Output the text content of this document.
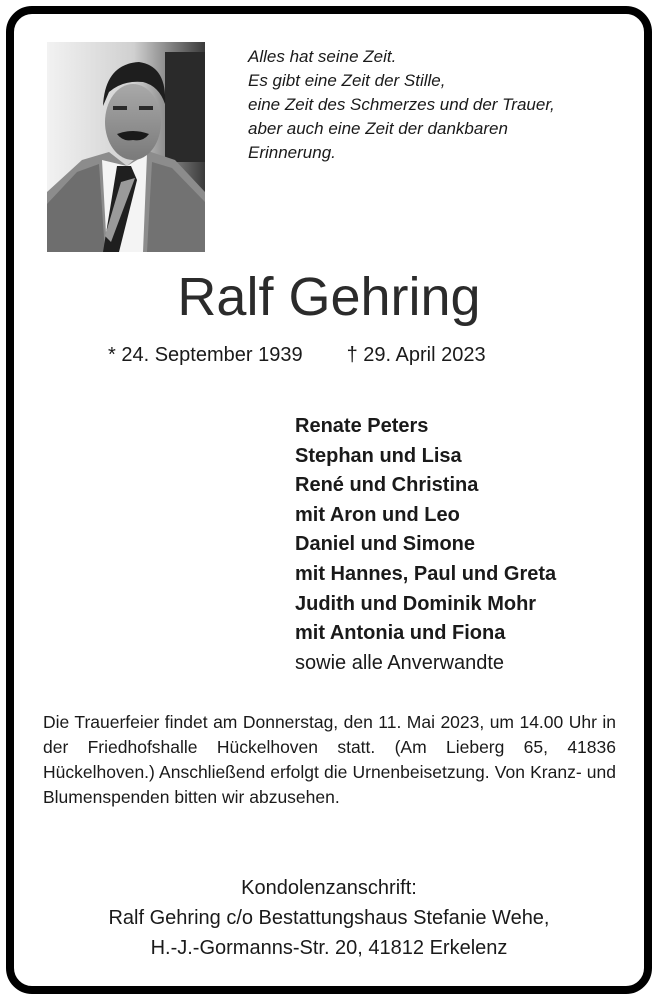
Alles hat seine Zeit.
Es gibt eine Zeit der Stille,
eine Zeit des Schmerzes und der Trauer,
aber auch eine Zeit der dankbaren
Erinnerung.
Ralf Gehring
* 24. September 1939 † 29. April 2023
Renate Peters
Stephan und Lisa
René und Christina
mit Aron und Leo
Daniel und Simone
mit Hannes, Paul und Greta
Judith und Dominik Mohr
mit Antonia und Fiona
sowie alle Anverwandte
Die Trauerfeier findet am Donnerstag, den 11. Mai 2023, um 14.00 Uhr in der Friedhofshalle Hückelhoven statt. (Am Lieberg 65, 41836 Hückelhoven.) Anschließend erfolgt die Urnenbeisetzung. Von Kranz- und Blumenspenden bitten wir abzusehen.
Kondolenzanschrift:
Ralf Gehring c/o Bestattungshaus Stefanie Wehe,
H.-J.-Gormanns-Str. 20, 41812 Erkelenz
